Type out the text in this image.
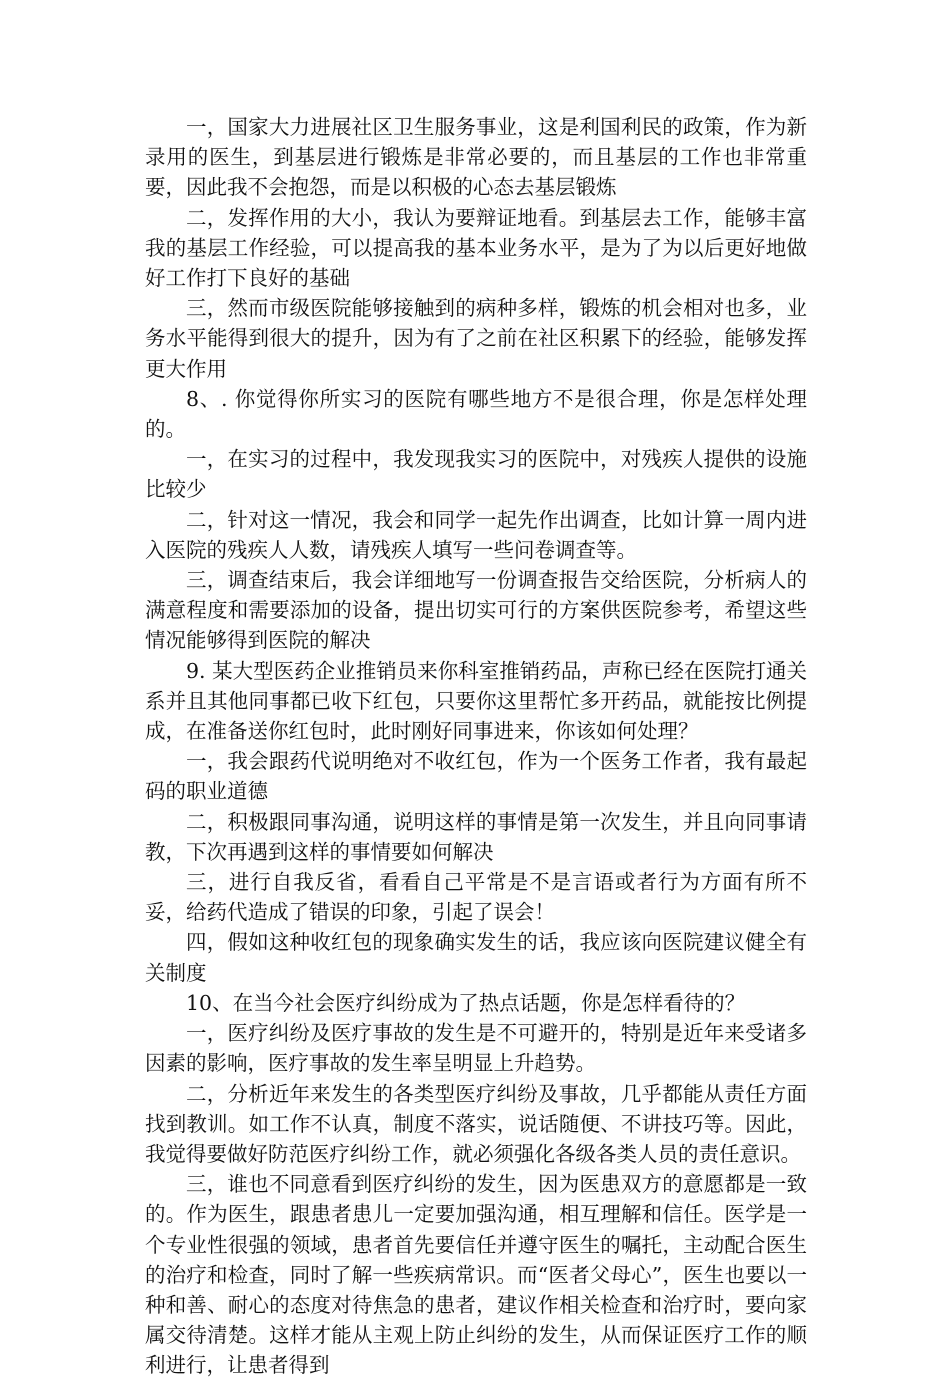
一，国家大力进展社区卫生服务事业，这是利国利民的政策，作为新录用的医生，到基层进行锻炼是非常必要的，而且基层的工作也非常重要，因此我不会抱怨，而是以积极的心态去基层锻炼

二，发挥作用的大小，我认为要辩证地看。到基层去工作，能够丰富我的基层工作经验，可以提高我的基本业务水平，是为了为以后更好地做好工作打下良好的基础

三，然而市级医院能够接触到的病种多样，锻炼的机会相对也多，业务水平能得到很大的提升，因为有了之前在社区积累下的经验，能够发挥更大作用

8、. 你觉得你所实习的医院有哪些地方不是很合理，你是怎样处理的。

一，在实习的过程中，我发现我实习的医院中，对残疾人提供的设施比较少

二，针对这一情况，我会和同学一起先作出调查，比如计算一周内进入医院的残疾人人数，请残疾人填写一些问卷调查等。

三，调查结束后，我会详细地写一份调查报告交给医院，分析病人的满意程度和需要添加的设备，提出切实可行的方案供医院参考，希望这些情况能够得到医院的解决

9. 某大型医药企业推销员来你科室推销药品，声称已经在医院打通关系并且其他同事都已收下红包，只要你这里帮忙多开药品，就能按比例提成，在准备送你红包时，此时刚好同事进来，你该如何处理？

一，我会跟药代说明绝对不收红包，作为一个医务工作者，我有最起码的职业道德

二，积极跟同事沟通，说明这样的事情是第一次发生，并且向同事请教，下次再遇到这样的事情要如何解决

三，进行自我反省，看看自己平常是不是言语或者行为方面有所不妥，给药代造成了错误的印象，引起了误会！

四，假如这种收红包的现象确实发生的话，我应该向医院建议健全有关制度

10、在当今社会医疗纠纷成为了热点话题，你是怎样看待的？

一，医疗纠纷及医疗事故的发生是不可避开的，特别是近年来受诸多因素的影响，医疗事故的发生率呈明显上升趋势。

二，分析近年来发生的各类型医疗纠纷及事故，几乎都能从责任方面找到教训。如工作不认真，制度不落实，说话随便、不讲技巧等。因此，我觉得要做好防范医疗纠纷工作，就必须强化各级各类人员的责任意识。

三，谁也不同意看到医疗纠纷的发生，因为医患双方的意愿都是一致的。作为医生，跟患者患儿一定要加强沟通，相互理解和信任。医学是一个专业性很强的领域，患者首先要信任并遵守医生的嘱托，主动配合医生的治疗和检查，同时了解一些疾病常识。而“医者父母心”，医生也要以一种和善、耐心的态度对待焦急的患者，建议作相关检查和治疗时，要向家属交待清楚。这样才能从主观上防止纠纷的发生，从而保证医疗工作的顺利进行，让患者得到
